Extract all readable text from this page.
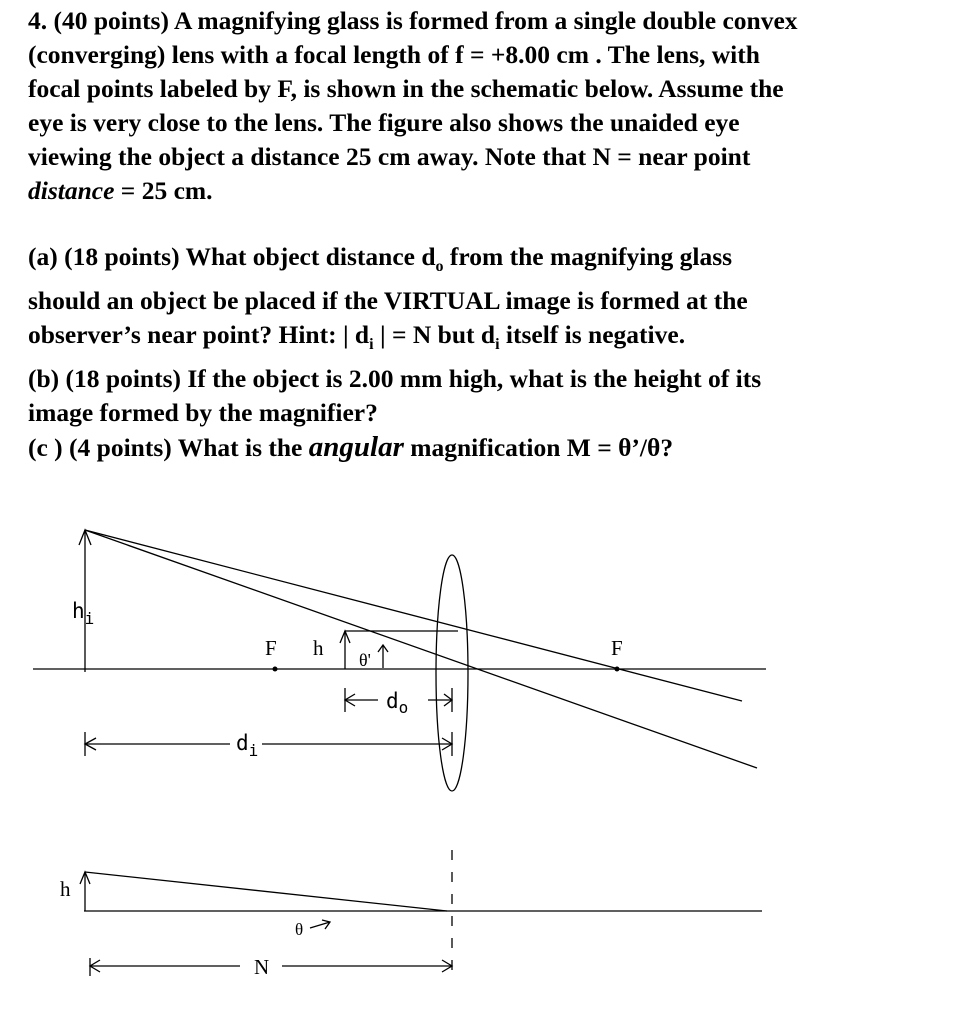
4. (40 points) A magnifying glass is formed from a single double convex

(converging) lens with a focal length of f = +8.00 cm . The lens, with

focal points labeled by F, is shown in the schematic below. Assume the

eye is very close to the lens. The figure also shows the unaided eye

viewing the object a distance 25 cm away. Note that N = near point

distance = 25 cm.

(a) (18 points) What object distance $d_o$ from the magnifying glass

should an object be placed if the VIRTUAL image is formed at the

observer’s near point? Hint: | $d_i$ | = N but $d_i$ itself is negative.

(b) (18 points) If the object is 2.00 mm high, what is the height of its

image formed by the magnifier?

(c ) (4 points) What is the angular magnification M = θ’/θ?

$h_i$
F h θ'	F
$d_o$
$d_i$
h
θ
N
